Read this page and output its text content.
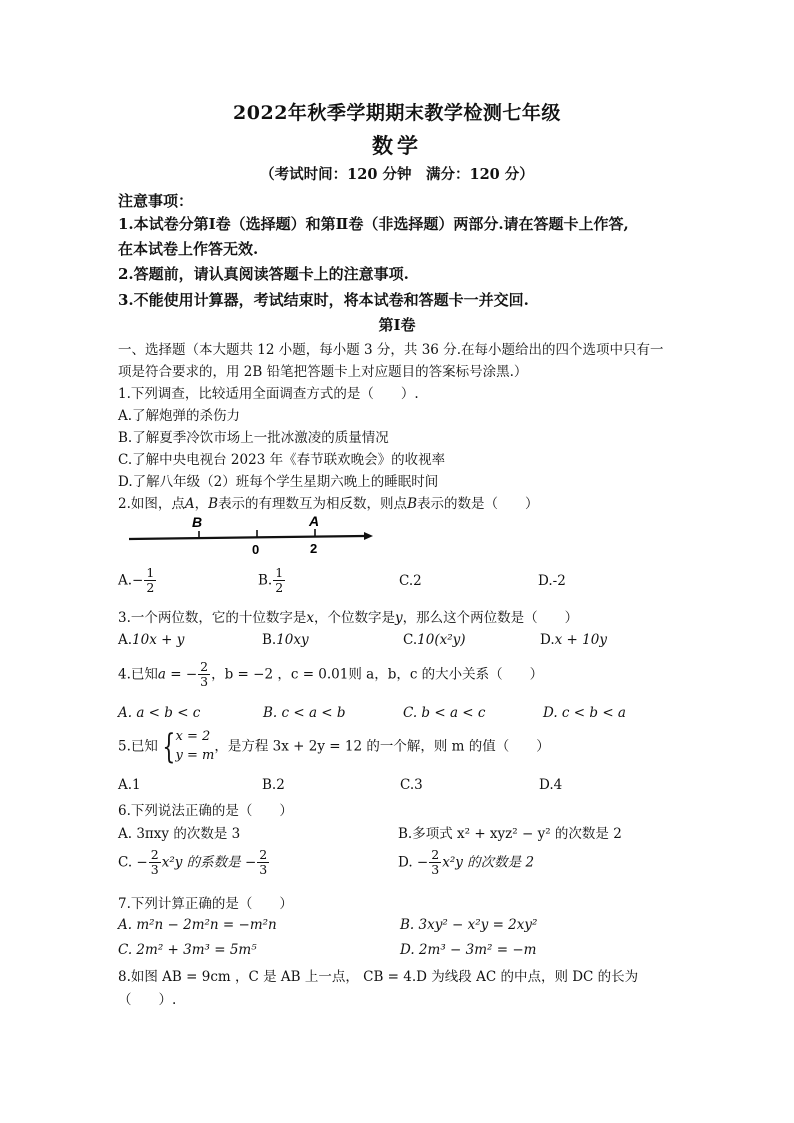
2022年秋季学期期末教学检测七年级
数学
（考试时间：120 分钟　满分：120 分）
注意事项：
1.本试卷分第Ⅰ卷（选择题）和第Ⅱ卷（非选择题）两部分.请在答题卡上作答,
在本试卷上作答无效.
2.答题前，请认真阅读答题卡上的注意事项.
3.不能使用计算器，考试结束时，将本试卷和答题卡一并交回.
第Ⅰ卷
一、选择题（本大题共 12 小题，每小题 3 分，共 36 分.在每小题给出的四个选项中只有一
项是符合要求的，用 2B 铅笔把答题卡上对应题目的答案标号涂黑.）
1.下列调查，比较适用全面调查方式的是（　　）.
A.了解炮弹的杀伤力
B.了解夏季冷饮市场上一批冰激凌的质量情况
C.了解中央电视台 2023 年《春节联欢晚会》的收视率
D.了解八年级（2）班每个学生星期六晚上的睡眠时间
2.如图，点A，B表示的有理数互为相反数，则点B表示的数是（　　）
B	A
0	2
$A.- \frac{1}{2}$	B. $\frac{1}{2}$	C.2	D.-2
3.一个两位数，它的十位数字是x，个位数字是y，那么这个两位数是（　　）
A.10x + y	B.10xy	C.10(x²y)	D.x + 10y
4.已知a = − $\frac{2}{3}$ ，b = −2 ，c = 0.01则 a，b，c 的大小关系（　　）
A. a < b < c	B. c < a < b	C. b < a < c	D. c < b < a
5.已知 { x = 2
y = m
，是方程 3x + 2y = 12 的一个解，则 m 的值（　　）
A.1	B.2	C.3	D.4
6.下列说法正确的是（　　）
A. 3πxy 的次数是 3	B.多项式 x² + xyz² − y² 的次数是 2
C. − $\frac{2}{3} x^2y$ 的系数是 − $\frac{2}{3}$	D. − $\frac{2}{3} x^2y$ 的次数是 2
7.下列计算正确的是（　　）
A. m²n − 2m²n = −m²n	B. 3xy² − x²y = 2xy²
C. 2m² + 3m³ = 5m⁵	D. 2m³ − 3m² = −m
8.如图 AB = 9cm ，C 是 AB 上一点， CB = 4.D 为线段 AC 的中点，则 DC 的长为
（　　）.
